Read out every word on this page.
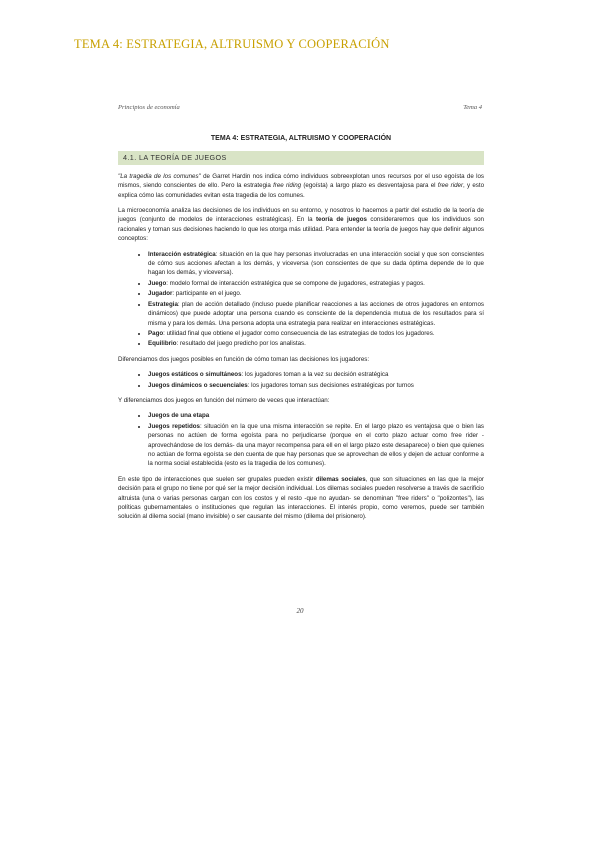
TEMA 4: ESTRATEGIA, ALTRUISMO Y COOPERACIÓN
Principios de economía	Tema 4
TEMA 4: ESTRATEGIA, ALTRUISMO Y COOPERACIÓN
4.1. LA TEORÍA DE JUEGOS

"La tragedia de los comunes" de Garret Hardin nos indica cómo individuos sobreexplotan unos recursos por el uso egoísta de los mismos, siendo conscientes de ello. Pero la estrategia free riding (egoísta) a largo plazo es desventajosa para el free rider, y esto explica cómo las comunidades evitan esta tragedia de los comunes.

La microeconomía analiza las decisiones de los individuos en su entorno, y nosotros lo hacemos a partir del estudio de la teoría de juegos (conjunto de modelos de interacciones estratégicas). En la teoría de juegos consideraremos que los individuos son racionales y toman sus decisiones haciendo lo que les otorga más utilidad. Para entender la teoría de juegos hay que definir algunos conceptos:

• Interacción estratégica: situación en la que hay personas involucradas en una interacción social y que son conscientes de cómo sus acciones afectan a los demás, y viceversa (son conscientes de que su dada óptima depende de lo que hagan los demás, y viceversa).
• Juego: modelo formal de interacción estratégica que se compone de jugadores, estrategias y pagos.
• Jugador: participante en el juego.
• Estrategia: plan de acción detallado (incluso puede planificar reacciones a las acciones de otros jugadores en entornos dinámicos) que puede adoptar una persona cuando es consciente de la dependencia mutua de los resultados para sí misma y para los demás. Una persona adopta una estrategia para realizar en interacciones estratégicas.
• Pago: utilidad final que obtiene el jugador como consecuencia de las estrategias de todos los jugadores.
• Equilibrio: resultado del juego predicho por los analistas.

Diferenciamos dos juegos posibles en función de cómo toman las decisiones los jugadores:

• Juegos estáticos o simultáneos: los jugadores toman a la vez su decisión estratégica
• Juegos dinámicos o secuenciales: los jugadores toman sus decisiones estratégicas por turnos

Y diferenciamos dos juegos en función del número de veces que interactúan:

• Juegos de una etapa
• Juegos repetidos: situación en la que una misma interacción se repite. En el largo plazo es ventajosa que o bien las personas no actúen de forma egoísta para no perjudicarse (porque en el corto plazo actuar como free rider -aprovechándose de los demás- da una mayor recompensa para ell en el largo plazo este desaparece) o bien que quienes no actúan de forma egoísta se den cuenta de que hay personas que se aprovechan de ellos y dejen de actuar conforme a la norma social establecida (esto es la tragedia de los comunes).

En este tipo de interacciones que suelen ser grupales pueden existir dilemas sociales, que son situaciones en las que la mejor decisión para el grupo no tiene por qué ser la mejor decisión individual. Los dilemas sociales pueden resolverse a través de sacrificio altruista (una o varias personas cargan con los costos y el resto -que no ayudan- se denominan "free riders" o "polizontes"), las políticas gubernamentales o instituciones que regulan las interacciones. El interés propio, como veremos, puede ser también solución al dilema social (mano invisible) o ser causante del mismo (dilema del prisionero).

20
